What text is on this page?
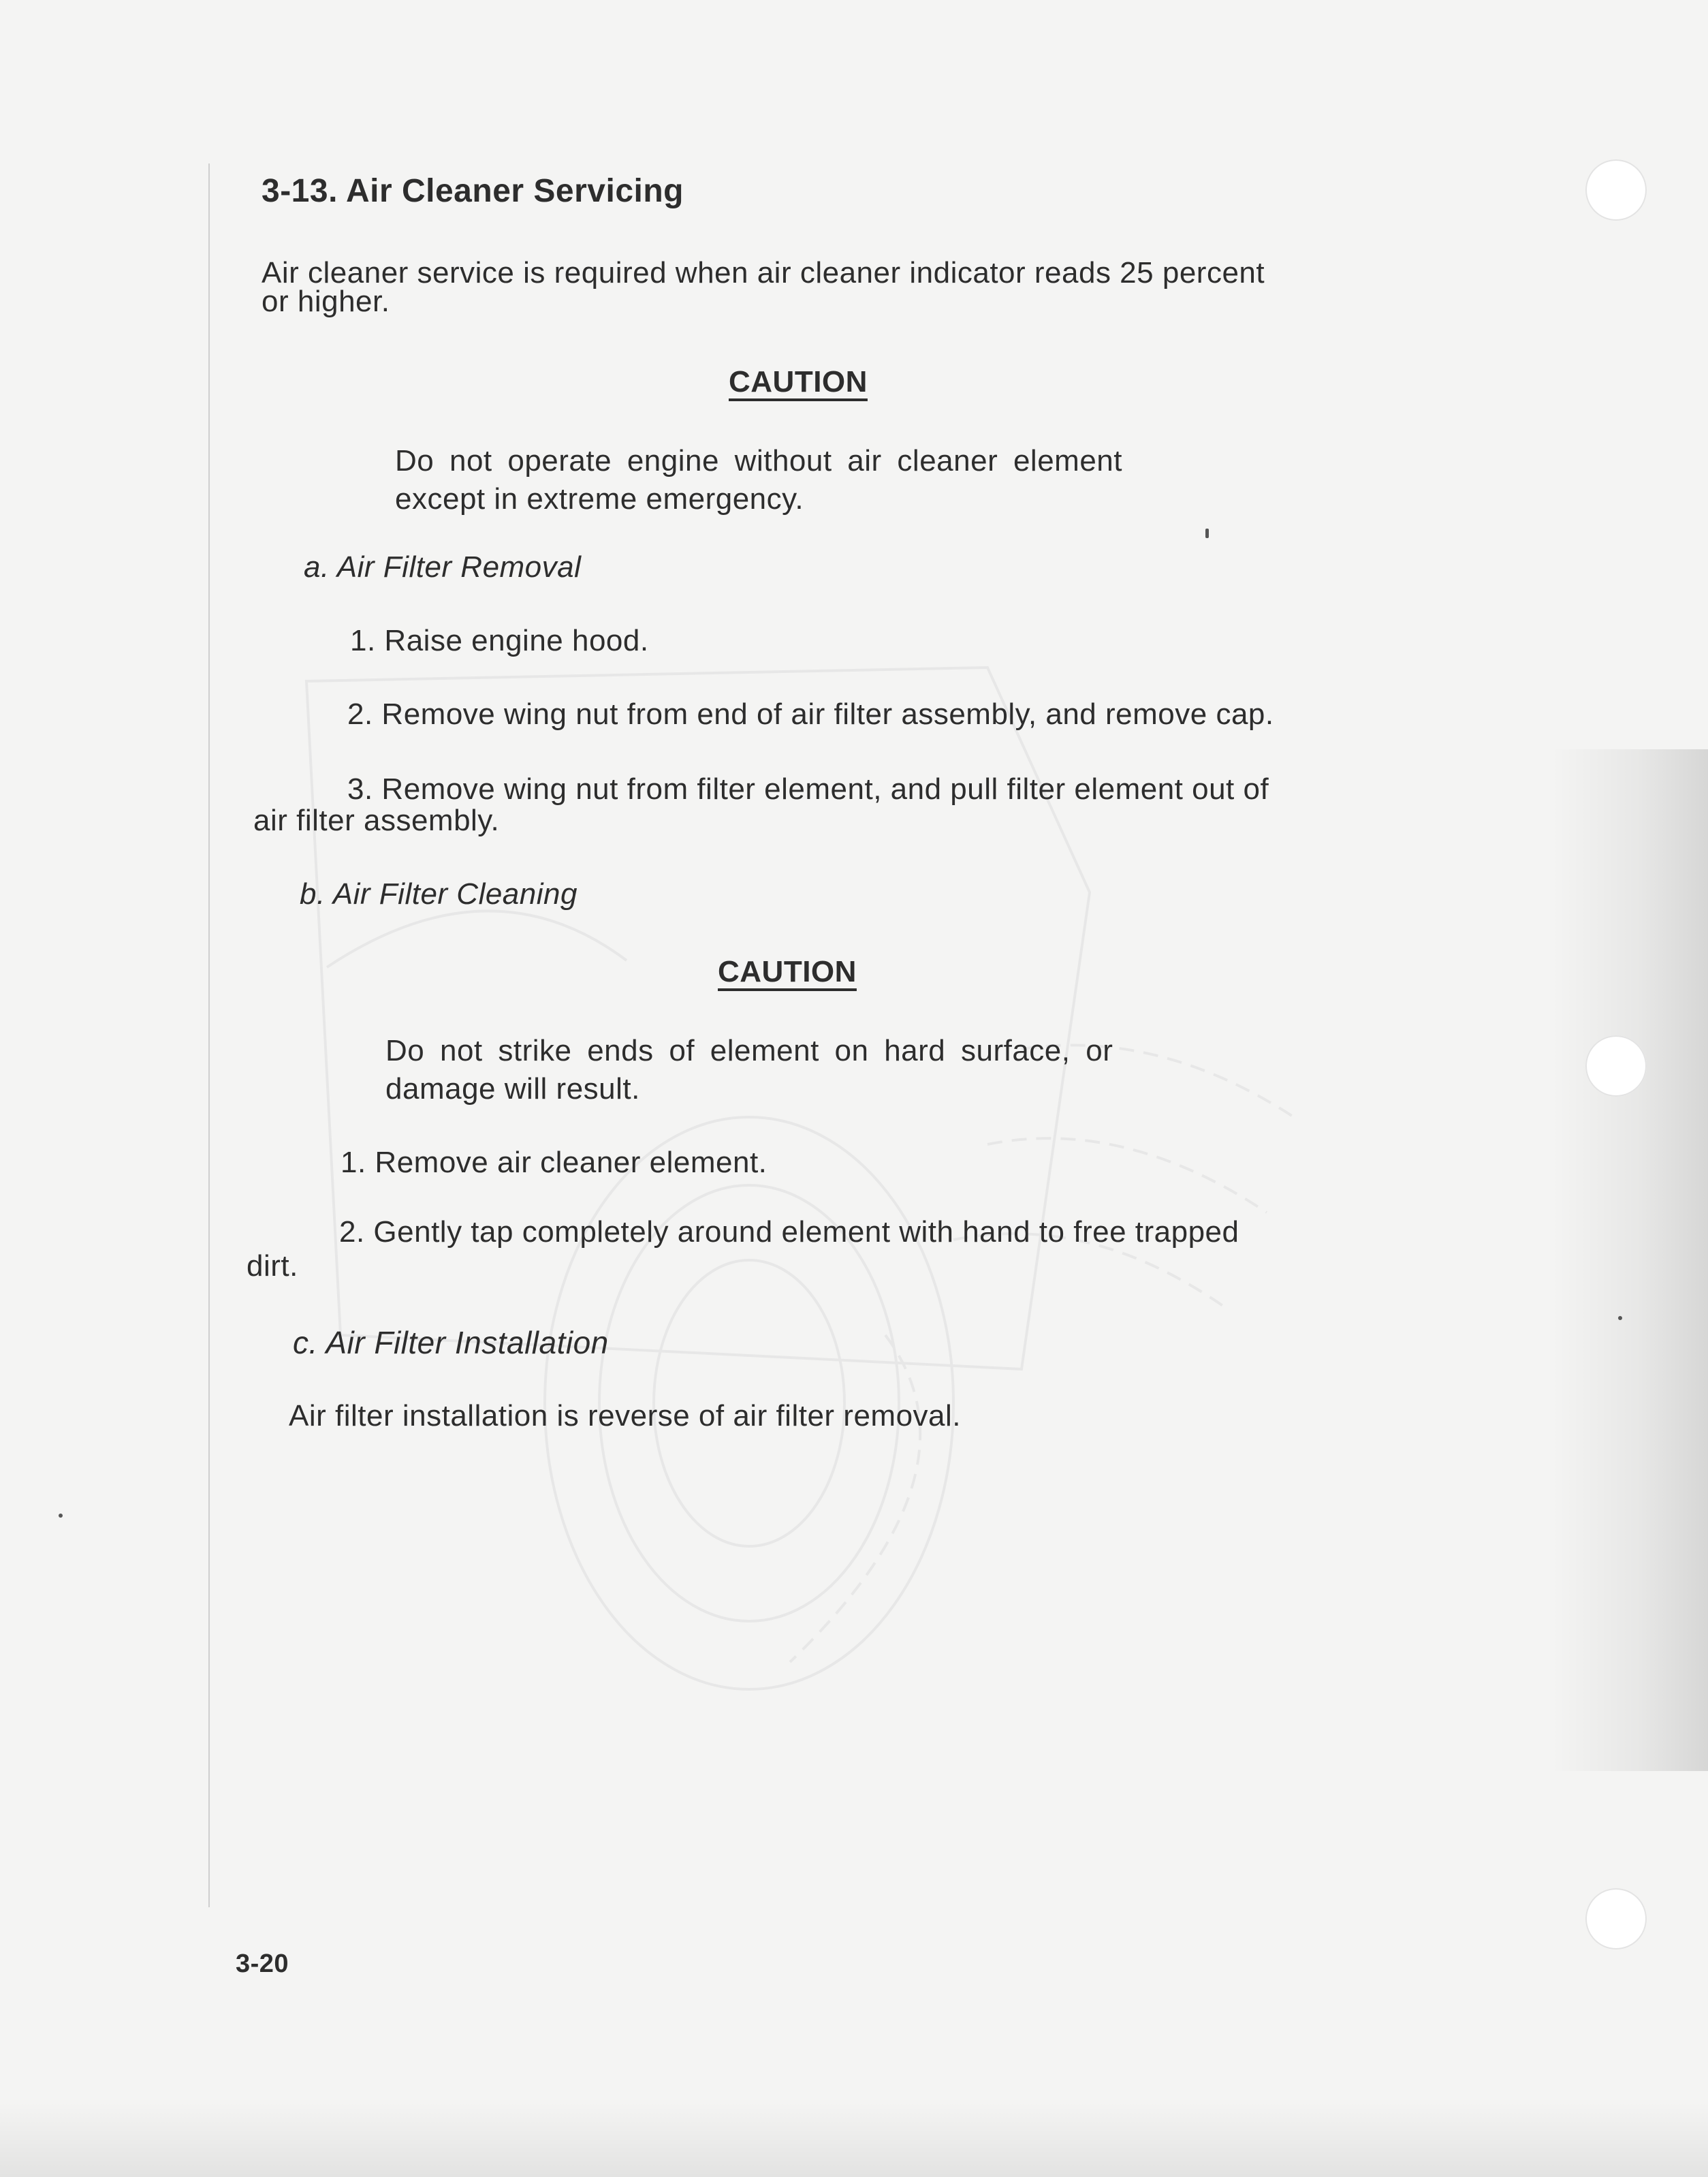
3-13. Air Cleaner Servicing

Air cleaner service is required when air cleaner indicator reads 25 percent

or higher.

CAUTION

Do not operate engine without air cleaner element

except in extreme emergency.

a. Air Filter Removal

1. Raise engine hood.

2. Remove wing nut from end of air filter assembly, and remove cap.

3. Remove wing nut from filter element, and pull filter element out of

air filter assembly.

b. Air Filter Cleaning

CAUTION

Do not strike ends of element on hard surface, or

damage will result.

1. Remove air cleaner element.

2. Gently tap completely around element with hand to free trapped

dirt.

c. Air Filter Installation

Air filter installation is reverse of air filter removal.

3-20
